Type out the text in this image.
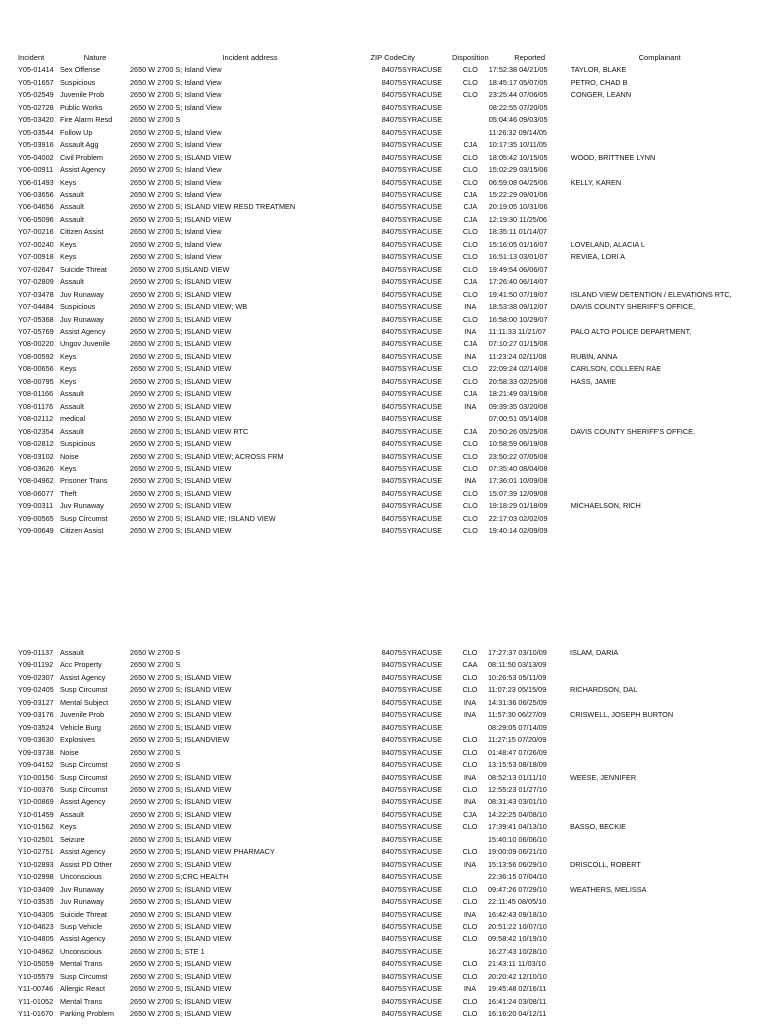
Incident	Nature	Incident address	ZIP Code	City	Disposition	Reported	Complainant
Y05-01414	Sex Offense	2650 W 2700 S; Island View	84075	SYRACUSE	CLO	17:52:38 04/21/05	TAYLOR, BLAKE
Y05-01657	Suspicious	2650 W 2700 S; Island View	84075	SYRACUSE	CLO	18:45:17 05/07/05	PETRO, CHAD B
Y05-02549	Juvenile Prob	2650 W 2700 S; Island View	84075	SYRACUSE	CLO	23:25:44 07/06/05	CONGER, LEANN
Y05-02728	Public Works	2650 W 2700 S; Island View	84075	SYRACUSE		08:22:55 07/20/05	
Y05-03420	Fire Alarm Resd	2650 W 2700 S	84075	SYRACUSE		05:04:46 09/03/05	
Y05-03544	Follow Up	2650 W 2700 S; Island View	84075	SYRACUSE		11:26:32 09/14/05	
Y05-03916	Assault Agg	2650 W 2700 S; Island View	84075	SYRACUSE	CJA	10:17:35 10/11/05	
Y05-04002	Civil Problem	2650 W 2700 S; ISLAND VIEW	84075	SYRACUSE	CLO	18:05:42 10/15/05	WOOD, BRITTNEE LYNN
Y06-00911	Assist Agency	2650 W 2700 S; Island View	84075	SYRACUSE	CLO	15:02:29 03/15/06	
Y06-01493	Keys	2650 W 2700 S; Island View	84075	SYRACUSE	CLO	06:59:08 04/25/06	KELLY, KAREN
Y06-03656	Assault	2650 W 2700 S; Island View	84075	SYRACUSE	CJA	15:22:29 09/01/06	
Y06-04656	Assault	2650 W 2700 S; ISLAND VIEW RESD TREATMEN	84075	SYRACUSE	CJA	20:19:05 10/31/06	
Y06-05096	Assault	2650 W 2700 S; ISLAND VIEW	84075	SYRACUSE	CJA	12:19:30 11/25/06	
Y07-00216	Citizen Assist	2650 W 2700 S; Island View	84075	SYRACUSE	CLO	18:35:11 01/14/07	
Y07-00240	Keys	2650 W 2700 S; Island View	84075	SYRACUSE	CLO	15:16:05 01/16/07	LOVELAND, ALACIA L
Y07-00918	Keys	2650 W 2700 S; Island View	84075	SYRACUSE	CLO	16:51:13 03/01/07	REVIEA, LORI A
Y07-02647	Suicide Threat	2650 W 2700 S;ISLAND VIEW	84075	SYRACUSE	CLO	19:49:54 06/06/07	
Y07-02809	Assault	2650 W 2700 S; ISLAND VIEW	84075	SYRACUSE	CJA	17:26:40 06/14/07	
Y07-03478	Juv Runaway	2650 W 2700 S; ISLAND VIEW	84075	SYRACUSE	CLO	19:41:50 07/19/07	ISLAND VIEW DETENTION / ELEVATIONS RTC,
Y07-04484	Suspicious	2650 W 2700 S; ISLAND VIEW; WB	84075	SYRACUSE	INA	18:53:38 09/12/07	DAVIS COUNTY SHERIFF'S OFFICE,
Y07-05368	Juv Runaway	2650 W 2700 S; ISLAND VIEW	84075	SYRACUSE	CLO	16:58:00 10/29/07	
Y07-05769	Assist Agency	2650 W 2700 S; ISLAND VIEW	84075	SYRACUSE	INA	11:11:33 11/21/07	PALO ALTO POLICE DEPARTMENT,
Y08-00220	Ungov Juvenile	2650 W 2700 S; ISLAND VIEW	84075	SYRACUSE	CJA	07:10:27 01/15/08	
Y08-00592	Keys	2650 W 2700 S; ISLAND VIEW	84075	SYRACUSE	INA	11:23:24 02/11/08	RUBIN, ANNA
Y08-00656	Keys	2650 W 2700 S; ISLAND VIEW	84075	SYRACUSE	CLO	22:09:24 02/14/08	CARLSON, COLLEEN RAE
Y08-00795	Keys	2650 W 2700 S; ISLAND VIEW	84075	SYRACUSE	CLO	20:58:33 02/25/08	HASS, JAMIE
Y08-01166	Assault	2650 W 2700 S; ISLAND VIEW	84075	SYRACUSE	CJA	18:21:49 03/19/08	
Y08-01176	Assault	2650 W 2700 S; ISLAND VIEW	84075	SYRACUSE	INA	09:39:35 03/20/08	
Y08-02112	medical	2650 W 2700 S; ISLAND VIEW	84075	SYRACUSE		07:00:51 05/14/08	
Y08-02354	Assault	2650 W 2700 S; ISLAND VIEW RTC	84075	SYRACUSE	CJA	20:50:26 05/25/08	DAVIS COUNTY SHERIFF'S OFFICE,
Y08-02812	Suspicious	2650 W 2700 S; ISLAND VIEW	84075	SYRACUSE	CLO	10:58:59 06/19/08	
Y08-03102	Noise	2650 W 2700 S; ISLAND VIEW; ACROSS FRM	84075	SYRACUSE	CLO	23:50:22 07/05/08	
Y08-03626	Keys	2650 W 2700 S; ISLAND VIEW	84075	SYRACUSE	CLO	07:35:40 08/04/08	
Y08-04962	Prisoner Trans	2650 W 2700 S; ISLAND VIEW	84075	SYRACUSE	INA	17:36:01 10/09/08	
Y08-06077	Theft	2650 W 2700 S; ISLAND VIEW	84075	SYRACUSE	CLO	15:07:39 12/09/08	
Y09-00311	Juv Runaway	2650 W 2700 S; ISLAND VIEW	84075	SYRACUSE	CLO	19:18:29 01/18/09	MICHAELSON, RICH
Y09-00565	Susp Circumst	2650 W 2700 S; ISLAND VIE; ISLAND VIEW	84075	SYRACUSE	CLO	22:17:03 02/02/09	
Y09-00649	Citizen Assist	2650 W 2700 S; ISLAND VIEW	84075	SYRACUSE	CLO	19:40:14 02/09/09	
Y09-01137	Assault	2650 W 2700 S	84075	SYRACUSE	CLO	17:27:37 03/10/09	ISLAM, DARIA
Y09-01192	Acc Property	2650 W 2700 S	84075	SYRACUSE	CAA	08:11:50 03/13/09	
Y09-02307	Assist Agency	2650 W 2700 S; ISLAND VIEW	84075	SYRACUSE	CLO	10:26:53 05/11/09	
Y09-02405	Susp Circumst	2650 W 2700 S; ISLAND VIEW	84075	SYRACUSE	CLO	11:07:23 05/15/09	RICHARDSON, DAL
Y09-03127	Mental Subject	2650 W 2700 S; ISLAND VIEW	84075	SYRACUSE	INA	14:31:36 06/25/09	
Y09-03176	Juvenile Prob	2650 W 2700 S; ISLAND VIEW	84075	SYRACUSE	INA	11:57:30 06/27/09	CRISWELL, JOSEPH BURTON
Y09-03524	Vehicle Burg	2650 W 2700 S; ISLAND VIEW	84075	SYRACUSE		08:29:05 07/14/09	
Y09-03630	Explosives	2650 W 2700 S; ISLANDVIEW	84075	SYRACUSE	CLO	11:27:15 07/20/09	
Y09-03738	Noise	2650 W 2700 S	84075	SYRACUSE	CLO	01:48:47 07/26/09	
Y09-04152	Susp Circumst	2650 W 2700 S	84075	SYRACUSE	CLO	13:15:53 08/18/09	
Y10-00156	Susp Circumst	2650 W 2700 S; ISLAND VIEW	84075	SYRACUSE	INA	08:52:13 01/11/10	WEESE, JENNIFER
Y10-00376	Susp Circumst	2650 W 2700 S; ISLAND VIEW	84075	SYRACUSE	CLO	12:55:23 01/27/10	
Y10-00869	Assist Agency	2650 W 2700 S; ISLAND VIEW	84075	SYRACUSE	INA	08:31:43 03/01/10	
Y10-01459	Assault	2650 W 2700 S; ISLAND VIEW	84075	SYRACUSE	CJA	14:22:25 04/08/10	
Y10-01562	Keys	2650 W 2700 S; ISLAND VIEW	84075	SYRACUSE	CLO	17:39:41 04/13/10	BASSO, BECKIE
Y10-02501	Seizure	2650 W 2700 S; ISLAND VIEW	84075	SYRACUSE		15:40:10 06/06/10	
Y10-02751	Assist Agency	2650 W 2700 S; ISLAND VIEW PHARMACY	84075	SYRACUSE	CLO	19:00:09 06/21/10	
Y10-02893	Assist PD Other	2650 W 2700 S; ISLAND VIEW	84075	SYRACUSE	INA	15:13:56 06/29/10	DRISCOLL, ROBERT
Y10-02998	Unconscious	2650 W 2700 S;CRC HEALTH	84075	SYRACUSE		22:36:15 07/04/10	
Y10-03409	Juv Runaway	2650 W 2700 S; ISLAND VIEW	84075	SYRACUSE	CLO	09:47:26 07/29/10	WEATHERS, MELISSA
Y10-03535	Juv Runaway	2650 W 2700 S; ISLAND VIEW	84075	SYRACUSE	CLO	22:11:45 08/05/10	
Y10-04305	Suicide Threat	2650 W 2700 S; ISLAND VIEW	84075	SYRACUSE	INA	16:42:43 09/18/10	
Y10-04623	Susp Vehicle	2650 W 2700 S; ISLAND VIEW	84075	SYRACUSE	CLO	20:51:22 10/07/10	
Y10-04805	Assist Agency	2650 W 2700 S; ISLAND VIEW	84075	SYRACUSE	CLO	09:58:42 10/19/10	
Y10-04962	Unconscious	2650 W 2700 S; STE 1	84075	SYRACUSE		16:27:43 10/28/10	
Y10-05059	Mental Trans	2650 W 2700 S; ISLAND VIEW	84075	SYRACUSE	CLO	21:43:11 11/03/10	
Y10-05579	Susp Circumst	2650 W 2700 S; ISLAND VIEW	84075	SYRACUSE	CLO	20:20:42 12/10/10	
Y11-00746	Allergic React	2650 W 2700 S; ISLAND VIEW	84075	SYRACUSE	INA	19:45:48 02/16/11	
Y11-01052	Mental Trans	2650 W 2700 S; ISLAND VIEW	84075	SYRACUSE	CLO	16:41:24 03/08/11	
Y11-01670	Parking Problem	2650 W 2700 S; ISLAND VIEW	84075	SYRACUSE	CLO	16:16:20 04/12/11	
